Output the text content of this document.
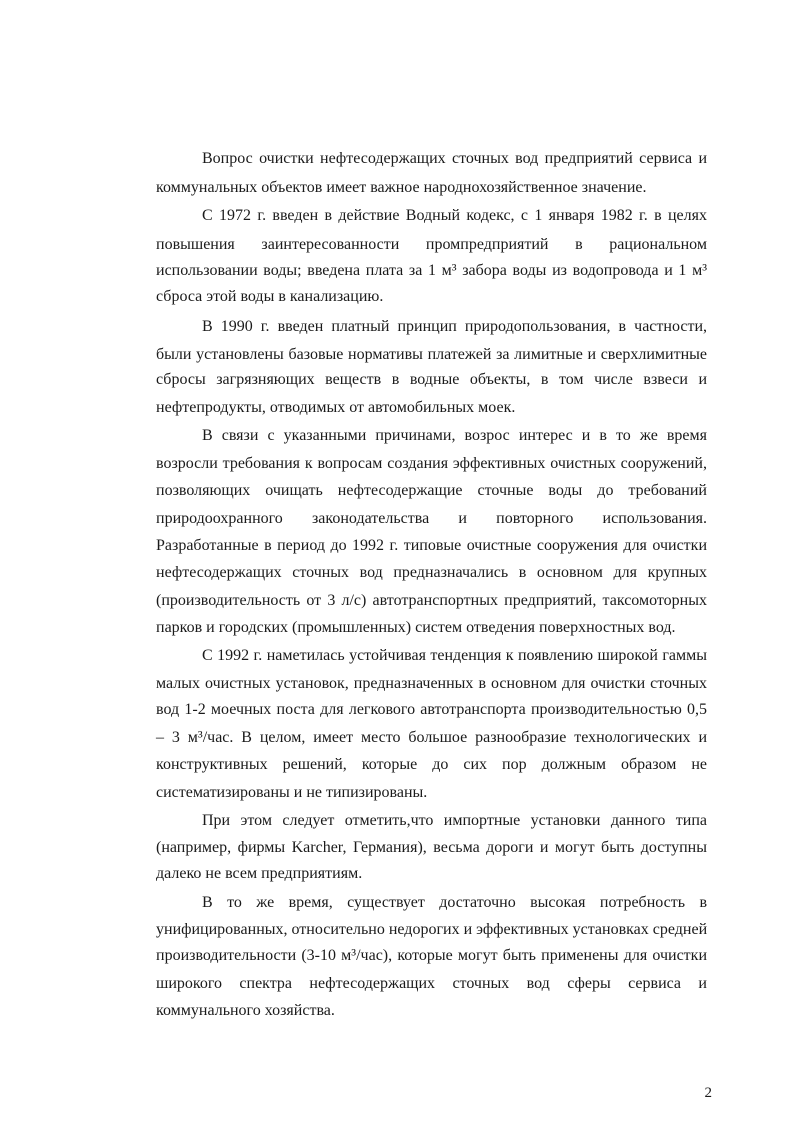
Вопрос очистки нефтесодержащих сточных вод предприятий сервиса и
коммунальных объектов имеет важное народнохозяйственное значение.
С 1972 г. введен в действие Водный кодекс, с 1 января 1982 г. в целях
повышения заинтересованности промпредприятий в рациональном
использовании воды; введена плата за 1 м³ забора воды из водопровода и 1 м³
сброса этой воды в канализацию.
В 1990 г. введен платный принцип природопользования, в частности,
были установлены базовые нормативы платежей за лимитные и сверхлимитные
сбросы загрязняющих веществ в водные объекты, в том числе взвеси и
нефтепродукты, отводимых от автомобильных моек.
В связи с указанными причинами, возрос интерес и в то же время
возросли требования к вопросам создания эффективных очистных сооружений,
позволяющих очищать нефтесодержащие сточные воды до требований
природоохранного законодательства и повторного использования.
Разработанные в период до 1992 г. типовые очистные сооружения для очистки
нефтесодержащих сточных вод предназначались в основном для крупных
(производительность от 3 л/с) автотранспортных предприятий, таксомоторных
парков и городских (промышленных) систем отведения поверхностных вод.
С 1992 г. наметилась устойчивая тенденция к появлению широкой гаммы
малых очистных установок, предназначенных в основном для очистки сточных
вод 1-2 моечных поста для легкового автотранспорта производительностью 0,5
– 3 м³/час. В целом, имеет место большое разнообразие технологических и
конструктивных решений, которые до сих пор должным образом не
систематизированы и не типизированы.
При этом следует отметить,что импортные установки данного типа
(например, фирмы Karcher, Германия), весьма дороги и могут быть доступны
далеко не всем предприятиям.
В то же время, существует достаточно высокая потребность в
унифицированных, относительно недорогих и эффективных установках средней
производительности (3-10 м³/час), которые могут быть применены для очистки
широкого спектра нефтесодержащих сточных вод сферы сервиса и
коммунального хозяйства.
2
